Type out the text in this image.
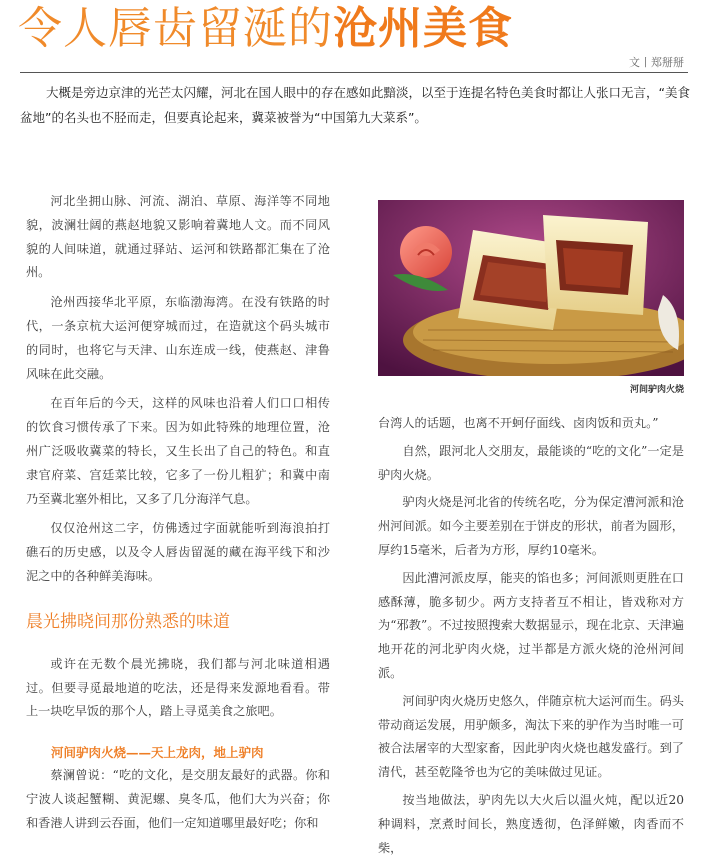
令人唇齿留涎的沧州美食
文丨郑掰掰

大概是旁边京津的光芒太闪耀，河北在国人眼中的存在感如此黯淡，以至于连提名特色美食时都让人张口无言，“美食盆地”的名头也不胫而走，但要真论起来，冀菜被誉为“中国第九大菜系”。

河北坐拥山脉、河流、湖泊、草原、海洋等不同地貌，波澜壮阔的燕赵地貌又影响着冀地人文。而不同风貌的人间味道，就通过驿站、运河和铁路都汇集在了沧州。

沧州西接华北平原，东临渤海湾。在没有铁路的时代，一条京杭大运河便穿城而过，在造就这个码头城市的同时，也将它与天津、山东连成一线，使燕赵、津鲁风味在此交融。

在百年后的今天，这样的风味也沿着人们口口相传的饮食习惯传承了下来。因为如此特殊的地理位置，沧州广泛吸收冀菜的特长，又生长出了自己的特色。和直隶官府菜、宫廷菜比较，它多了一份儿粗犷；和冀中南乃至冀北塞外相比，又多了几分海洋气息。

仅仅沧州这二字，仿佛透过字面就能听到海浪拍打礁石的历史感，以及令人唇齿留涎的藏在海平线下和沙泥之中的各种鲜美海味。

晨光拂晓间那份熟悉的味道

或许在无数个晨光拂晓，我们都与河北味道相遇过。但要寻觅最地道的吃法，还是得来发源地看看。带上一块吃早饭的那个人，踏上寻觅美食之旅吧。

河间驴肉火烧——天上龙肉，地上驴肉

蔡澜曾说：“吃的文化，是交朋友最好的武器。你和宁波人谈起蟹糊、黄泥螺、臭冬瓜，他们大为兴奋；你和香港人讲到云吞面，他们一定知道哪里最好吃；你和

河间驴肉火烧

台湾人的话题，也离不开蚵仔面线、卤肉饭和贡丸。”

自然，跟河北人交朋友，最能谈的“吃的文化”一定是驴肉火烧。

驴肉火烧是河北省的传统名吃，分为保定漕河派和沧州河间派。如今主要差别在于饼皮的形状，前者为圆形，厚约15毫米，后者为方形，厚约10毫米。

因此漕河派皮厚，能夹的馅也多；河间派则更胜在口感酥薄，脆多韧少。两方支持者互不相让，皆戏称对方为“邪教”。不过按照搜索大数据显示，现在北京、天津遍地开花的河北驴肉火烧，过半都是方派火烧的沧州河间派。

河间驴肉火烧历史悠久，伴随京杭大运河而生。码头带动商运发展，用驴颇多，淘汰下来的驴作为当时唯一可被合法屠宰的大型家畜，因此驴肉火烧也越发盛行。到了清代，甚至乾隆爷也为它的美味做过见证。

按当地做法，驴肉先以大火后以温火炖，配以近20种调料，烹煮时间长，熟度透彻，色泽鲜嫩，肉香而不柴，
